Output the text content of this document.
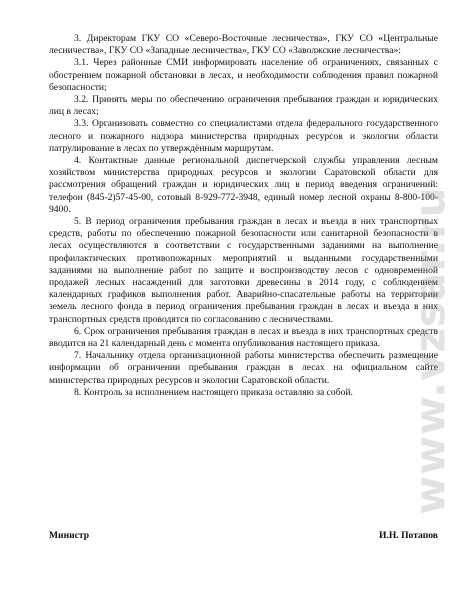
3. Директорам ГКУ СО «Северо-Восточные лесничества», ГКУ СО «Центральные лесничества», ГКУ СО «Западные лесничества», ГКУ СО «Заволжские лесничества»:

3.1. Через районные СМИ информировать население об ограничениях, связанных с обострением пожарной обстановки в лесах, и необходимости соблюдения правил пожарной безопасности;

3.2. Принять меры по обеспечению ограничения пребывания граждан и юридических лиц в лесах;

3.3. Организовать совместно со специалистами отдела федерального государственного лесного и пожарного надзора министерства природных ресурсов и экологии области патрулирование в лесах по утверждённым маршрутам.

4. Контактные данные региональной диспетчерской службы управления лесным хозяйством министерства природных ресурсов и экологии Саратовской области для рассмотрения обращений граждан и юридических лиц в период введения ограничений: телефон (845-2)57-45-00, сотовый 8-929-772-3948, единый номер лесной охраны 8-800-100-9400.

5. В период ограничения пребывания граждан в лесах и въезда в них транспортных средств, работы по обеспечению пожарной безопасности или санитарной безопасности в лесах осуществляются в соответствии с государственными заданиями на выполнение профилактических противопожарных мероприятий и выданными государственными заданиями на выполнение работ по защите и воспроизводству лесов с одновременной продажей лесных насаждений для заготовки древесины в 2014 году, с соблюдением календарных графиков выполнения работ. Аварийно-спасательные работы на территории земель лесного фонда в период ограничения пребывания граждан в лесах и въезда в них транспортных средств проводятся по согласованию с лесничествами.

6. Срок ограничения пребывания граждан в лесах и въезда в них транспортных средств вводится на 21 календарный день с момента опубликования настоящего приказа.

7. Начальнику отдела организационной работы министерства обеспечить размещение информации об ограничении пребывания граждан в лесах на официальном сайте министерства природных ресурсов и экологии Саратовской области.

8. Контроль за исполнением настоящего приказа оставляю за собой.

Министр	И.Н. Потапов
www.vzsar.ru
